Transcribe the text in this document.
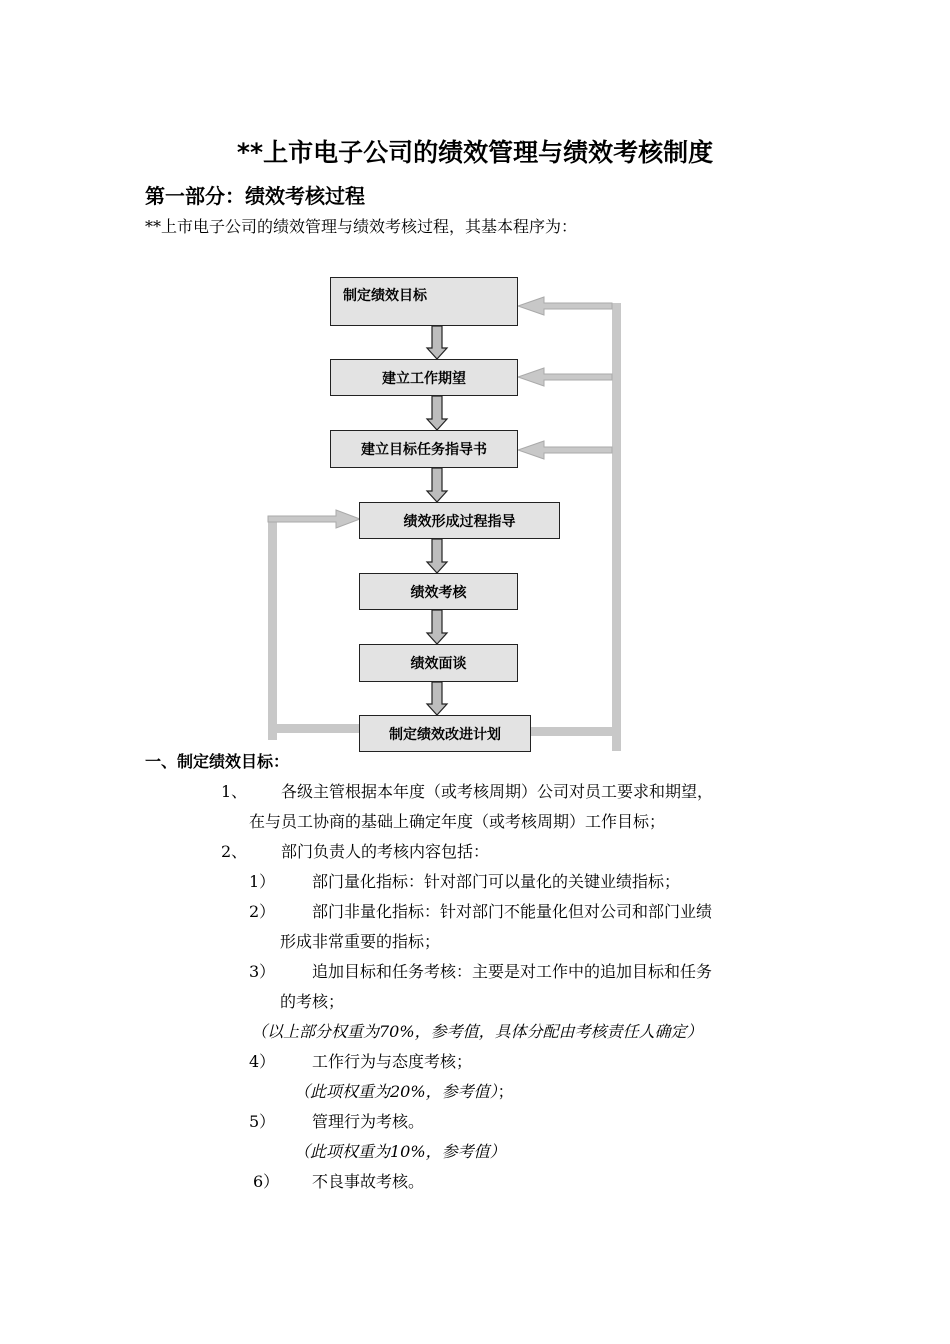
**上市电子公司的绩效管理与绩效考核制度
第一部分：绩效考核过程
**上市电子公司的绩效管理与绩效考核过程，其基本程序为：
制定绩效目标
建立工作期望
建立目标任务指导书
绩效形成过程指导
绩效考核
绩效面谈
制定绩效改进计划
一、制定绩效目标：
1、 各级主管根据本年度（或考核周期）公司对员工要求和期望，
在与员工协商的基础上确定年度（或考核周期）工作目标；
2、 部门负责人的考核内容包括：
1） 部门量化指标：针对部门可以量化的关键业绩指标；
2） 部门非量化指标：针对部门不能量化但对公司和部门业绩
形成非常重要的指标；
3） 追加目标和任务考核：主要是对工作中的追加目标和任务
的考核；
（以上部分权重为70%，参考值，具体分配由考核责任人确定）
4） 工作行为与态度考核；
（此项权重为20%，参考值）；
5） 管理行为考核。
（此项权重为10%，参考值）
6） 不良事故考核。
